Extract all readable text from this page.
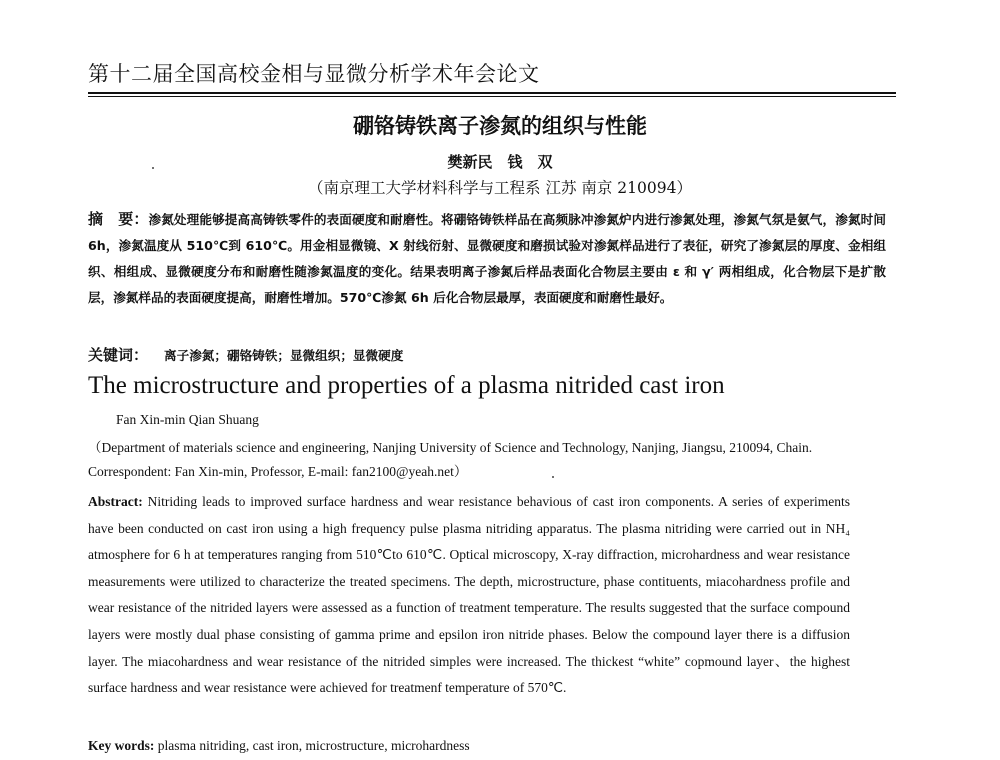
第十二届全国高校金相与显微分析学术年会论文
硼铬铸铁离子渗氮的组织与性能
樊新民　钱　双
（南京理工大学材料科学与工程系 江苏 南京 210094）
摘　要：渗氮处理能够提高高铸铁零件的表面硬度和耐磨性。将硼铬铸铁样品在高频脉冲渗氮炉内进行渗氮处理，渗氮气氛是氨气，渗氮时间 6h，渗氮温度从 510℃到 610℃。用金相显微镜、X 射线衍射、显微硬度和磨损试验对渗氮样品进行了表征，研究了渗氮层的厚度、金相组织、相组成、显微硬度分布和耐磨性随渗氮温度的变化。结果表明离子渗氮后样品表面化合物层主要由 ε 和 γ′ 两相组成，化合物层下是扩散层，渗氮样品的表面硬度提高，耐磨性增加。570℃渗氮 6h 后化合物层最厚，表面硬度和耐磨性最好。
关键词： 离子渗氮；硼铬铸铁；显微组织；显微硬度
The microstructure and properties of a plasma nitrided cast iron
Fan Xin-min Qian Shuang
（Department of materials science and engineering, Nanjing University of Science and Technology, Nanjing, Jiangsu, 210094, Chain. Correspondent: Fan Xin-min, Professor, E-mail: fan2100@yeah.net）
Abstract: Nitriding leads to improved surface hardness and wear resistance behavious of cast iron components. A series of experiments have been conducted on cast iron using a high frequency pulse plasma nitriding apparatus. The plasma nitriding were carried out in NH₄ atmosphere for 6 h at temperatures ranging from 510℃to 610℃. Optical microscopy, X-ray diffraction, microhardness and wear resistance measurements were utilized to characterize the treated specimens. The depth, microstructure, phase contituents, miacohardness profile and wear resistance of the nitrided layers were assessed as a function of treatment temperature. The results suggested that the surface compound layers were mostly dual phase consisting of gamma prime and epsilon iron nitride phases. Below the compound layer there is a diffusion layer. The miacohardness and wear resistance of the nitrided simples were increased. The thickest “white” copmound layer、the highest surface hardness and wear resistance were achieved for treatmenf temperature of 570℃.
Key words: plasma nitriding, cast iron, microstructure, microhardness
